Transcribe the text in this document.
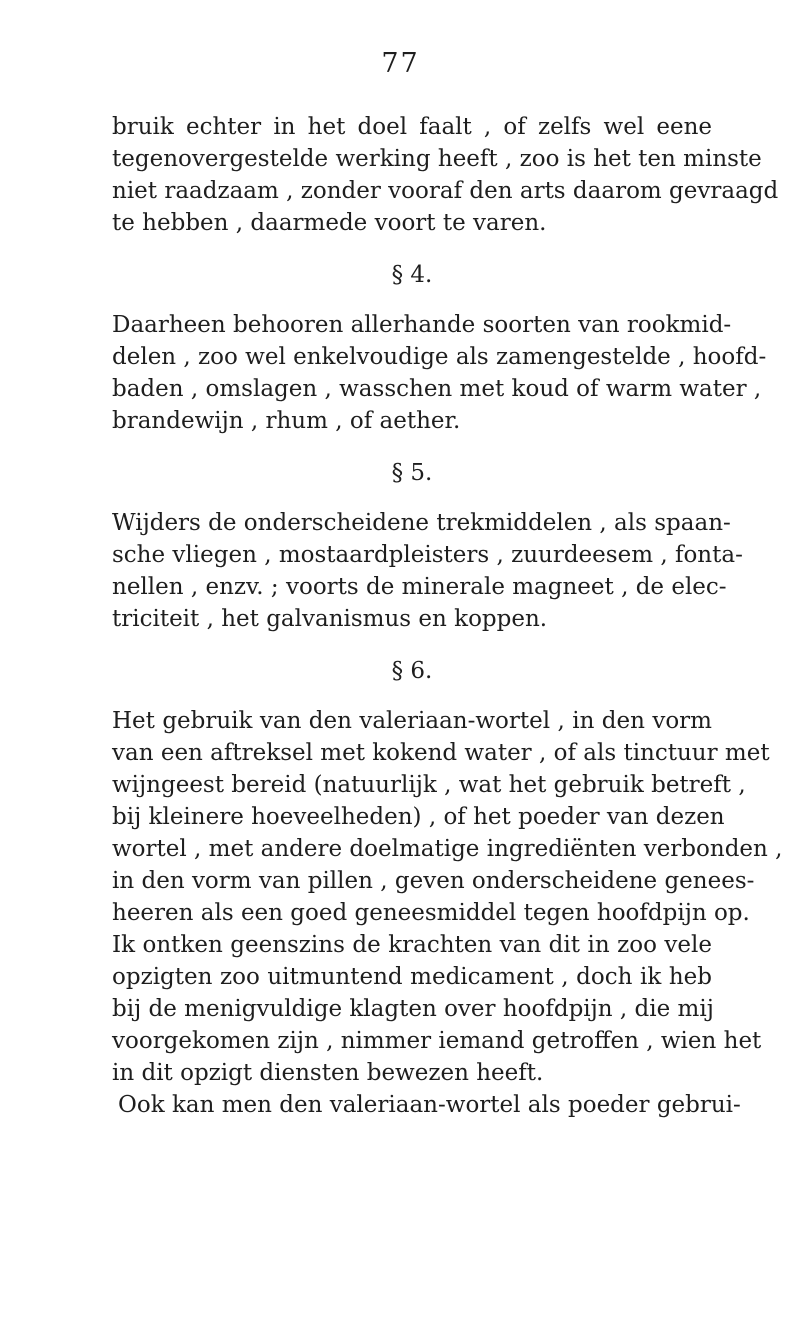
77
bruik echter in het doel faalt , of zelfs wel eene
tegenovergestelde werking heeft , zoo is het ten minste
niet raadzaam , zonder vooraf den arts daarom gevraagd
te hebben , daarmede voort te varen.
§ 4.
Daarheen behooren allerhande soorten van rookmid-
delen , zoo wel enkelvoudige als zamengestelde , hoofd-
baden , omslagen , wasschen met koud of warm water ,
brandewijn , rhum , of aether.
§ 5.
Wijders de onderscheidene trekmiddelen , als spaan-
sche vliegen , mostaardpleisters , zuurdeesem , fonta-
nellen , enzv. ; voorts de minerale magneet , de elec-
triciteit , het galvanismus en koppen.
§ 6.
Het gebruik van den valeriaan-wortel , in den vorm
van een aftreksel met kokend water , of als tinctuur met
wijngeest bereid (natuurlijk , wat het gebruik betreft ,
bij kleinere hoeveelheden) , of het poeder van dezen
wortel , met andere doelmatige ingrediënten verbonden ,
in den vorm van pillen , geven onderscheidene genees-
heeren als een goed geneesmiddel tegen hoofdpijn op.
Ik ontken geenszins de krachten van dit in zoo vele
opzigten zoo uitmuntend medicament , doch ik heb
bij de menigvuldige klagten over hoofdpijn , die mij
voorgekomen zijn , nimmer iemand getroffen , wien het
in dit opzigt diensten bewezen heeft.
Ook kan men den valeriaan-wortel als poeder gebrui-
